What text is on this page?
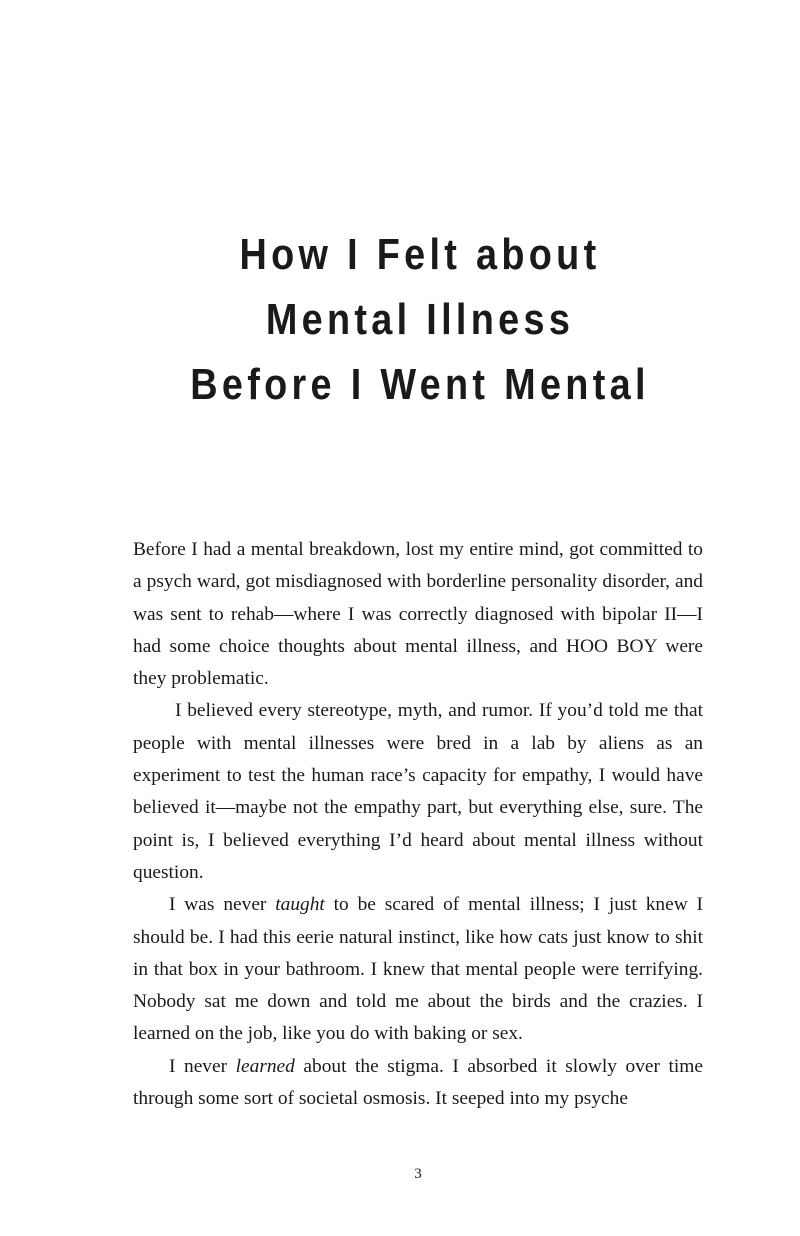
How I Felt about
Mental Illness
Before I Went Mental

Before I had a mental breakdown, lost my entire mind, got committed to a psych ward, got misdiagnosed with borderline personality disorder, and was sent to rehab—where I was correctly diagnosed with bipolar II—I had some choice thoughts about mental illness, and HOO BOY were they problematic.

I believed every stereotype, myth, and rumor. If you’d told me that people with mental illnesses were bred in a lab by aliens as an experiment to test the human race’s capacity for empathy, I would have believed it—maybe not the empathy part, but everything else, sure. The point is, I believed everything I’d heard about mental illness without question.

I was never taught to be scared of mental illness; I just knew I should be. I had this eerie natural instinct, like how cats just know to shit in that box in your bathroom. I knew that mental people were terrifying. Nobody sat me down and told me about the birds and the crazies. I learned on the job, like you do with baking or sex.

I never learned about the stigma. I absorbed it slowly over time through some sort of societal osmosis. It seeped into my psyche

3
